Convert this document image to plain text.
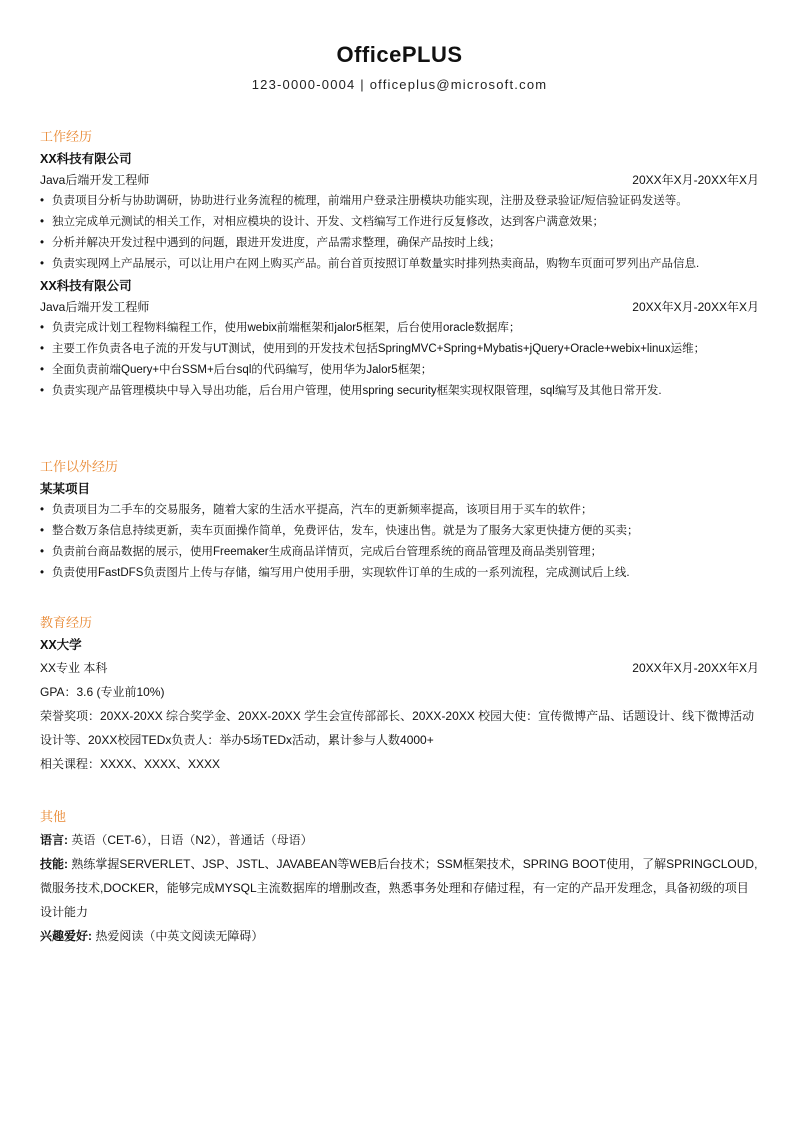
OfficePLUS
123-0000-0004 | officeplus@microsoft.com
工作经历
XX科技有限公司
Java后端开发工程师	20XX年X月-20XX年X月
• 负责项目分析与协助调研，协助进行业务流程的梳理，前端用户登录注册模块功能实现，注册及登录验证/短信验证码发送等。
• 独立完成单元测试的相关工作，对相应模块的设计、开发、文档编写工作进行反复修改，达到客户满意效果；
• 分析并解决开发过程中遇到的问题，跟进开发进度，产品需求整理，确保产品按时上线；
• 负责实现网上产品展示，可以让用户在网上购买产品。前台首页按照订单数量实时排列热卖商品，购物车页面可罗列出产品信息.
XX科技有限公司
Java后端开发工程师	20XX年X月-20XX年X月
• 负责完成计划工程物料编程工作，使用webix前端框架和jalor5框架，后台使用oracle数据库；
• 主要工作负责各电子流的开发与UT测试，使用到的开发技术包括SpringMVC+Spring+Mybatis+jQuery+Oracle+webix+linux运维；
• 全面负责前端Query+中台SSM+后台sql的代码编写，使用华为Jalor5框架；
• 负责实现产品管理模块中导入导出功能，后台用户管理，使用spring security框架实现权限管理，sql编写及其他日常开发.
工作以外经历
某某项目
• 负责项目为二手车的交易服务，随着大家的生活水平提高，汽车的更新频率提高，该项目用于买车的软件；
• 整合数万条信息持续更新，卖车页面操作简单，免费评估，发车，快速出售。就是为了服务大家更快捷方便的买卖；
• 负责前台商品数据的展示，使用Freemaker生成商品详情页，完成后台管理系统的商品管理及商品类别管理；
• 负责使用FastDFS负责图片上传与存储，编写用户使用手册，实现软件订单的生成的一系列流程，完成测试后上线.
教育经历
XX大学
XX专业 本科	20XX年X月-20XX年X月
GPA：3.6 (专业前10%)
荣誉奖项：20XX-20XX 综合奖学金、20XX-20XX 学生会宣传部部长、20XX-20XX 校园大使：宣传微博产品、话题设计、线下微博活动设计等、20XX校园TEDx负责人：举办5场TEDx活动，累计参与人数4000+
相关课程：XXXX、XXXX、XXXX
其他
语言: 英语（CET-6），日语（N2），普通话（母语）
技能: 熟练掌握SERVERLET、JSP、JSTL、JAVABEAN等WEB后台技术；SSM框架技术，SPRING BOOT使用，了解SPRINGCLOUD,微服务技术,DOCKER，能够完成MYSQL主流数据库的增删改查，熟悉事务处理和存储过程，有一定的产品开发理念，具备初级的项目设计能力
兴趣爱好: 热爱阅读（中英文阅读无障碍）
